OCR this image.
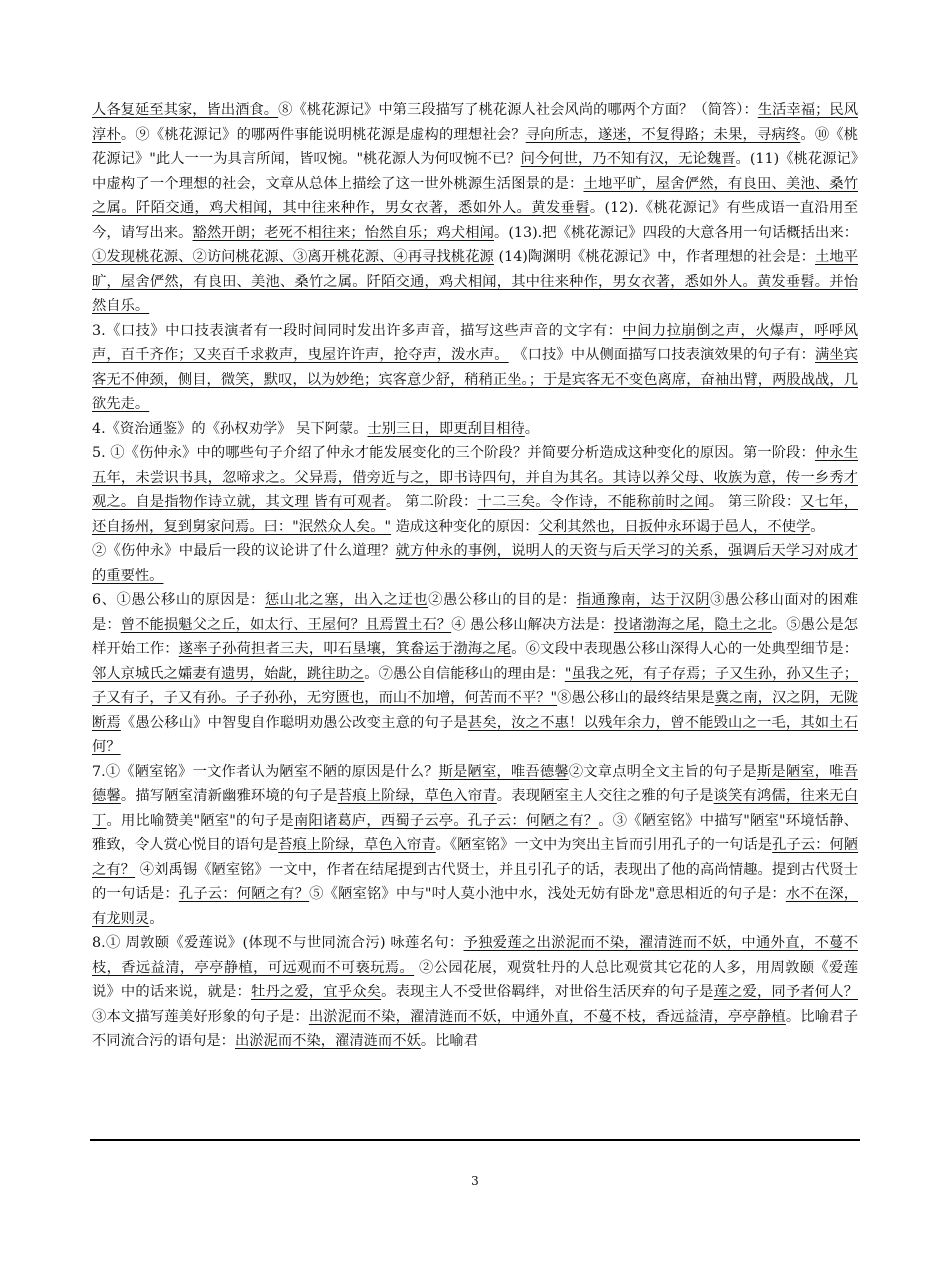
人各复延至其家，皆出酒食。⑧《桃花源记》中第三段描写了桃花源人社会风尚的哪两个方面？（简答）：生活幸福；民风淳朴。⑨《桃花源记》的哪两件事能说明桃花源是虚构的理想社会？寻向所志，遂迷，不复得路；未果，寻病终。⑩《桃花源记》"此人一一为具言所闻，皆叹惋。"桃花源人为何叹惋不已？问今何世，乃不知有汉，无论魏晋。(11)《桃花源记》中虚构了一个理想的社会，文章从总体上描绘了这一世外桃源生活图景的是：土地平旷，屋舍俨然，有良田、美池、桑竹之属。阡陌交通，鸡犬相闻，其中往来种作，男女衣著，悉如外人。黄发垂髫。(12).《桃花源记》有些成语一直沿用至今，请写出来。豁然开朗；老死不相往来；怡然自乐；鸡犬相闻。(13).把《桃花源记》四段的大意各用一句话概括出来：①发现桃花源、②访问桃花源、③离开桃花源、④再寻找桃花源 (14)陶渊明《桃花源记》中，作者理想的社会是：土地平旷，屋舍俨然，有良田、美池、桑竹之属。阡陌交通，鸡犬相闻，其中往来种作，男女衣著，悉如外人。黄发垂髫。并怡然自乐。

3.《口技》中口技表演者有一段时间同时发出许多声音，描写这些声音的文字有：中间力拉崩倒之声，火爆声，呼呼风声，百千齐作；又夹百千求救声，曳屋许许声，抢夺声，泼水声。 《口技》中从侧面描写口技表演效果的句子有：满坐宾客无不伸颈，侧目，微笑，默叹，以为妙绝；宾客意少舒，稍稍正坐。；于是宾客无不变色离席，奋袖出臂，两股战战，几欲先走。

4.《资治通鉴》的《孙权劝学》 吴下阿蒙。士别三日，即更刮目相待。

5. ①《伤仲永》中的哪些句子介绍了仲永才能发展变化的三个阶段？并简要分析造成这种变化的原因。第一阶段：仲永生五年，未尝识书具，忽啼求之。父异焉，借旁近与之，即书诗四句，并自为其名。其诗以养父母、收族为意，传一乡秀才观之。自是指物作诗立就，其文理 皆有可观者。 第二阶段：十二三矣。令作诗，不能称前时之闻。 第三阶段：又七年，还自扬州，复到舅家问焉。曰："泯然众人矣。" 造成这种变化的原因：父利其然也，日扳仲永环谒于邑人，不使学。

②《伤仲永》中最后一段的议论讲了什么道理？就方仲永的事例，说明人的天资与后天学习的关系，强调后天学习对成才的重要性。

6、①愚公移山的原因是：惩山北之塞，出入之迂也②愚公移山的目的是：指通豫南，达于汉阴③愚公移山面对的困难是：曾不能损魁父之丘，如太行、王屋何？且焉置土石？④ 愚公移山解决方法是：投诸渤海之尾，隐土之北。⑤愚公是怎样开始工作：遂率子孙荷担者三夫，叩石垦壤，箕畚运于渤海之尾。⑥文段中表现愚公移山深得人心的一处典型细节是：邻人京城氏之孀妻有遗男，始龀，跳往助之。⑦愚公自信能移山的理由是："虽我之死，有子存焉；子又生孙，孙又生子；子又有子，子又有孙。子子孙孙，无穷匮也，而山不加增，何苦而不平？"⑧愚公移山的最终结果是冀之南，汉之阴，无陇断焉《愚公移山》中智叟自作聪明劝愚公改变主意的句子是甚矣，汝之不惠！以残年余力，曾不能毁山之一毛，其如土石何？

7.①《陋室铭》一文作者认为陋室不陋的原因是什么？斯是陋室，唯吾德馨②文章点明全文主旨的句子是斯是陋室，唯吾德馨。描写陋室清新幽雅环境的句子是苔痕上阶绿，草色入帘青。表现陋室主人交往之雅的句子是谈笑有鸿儒，往来无白丁。用比喻赞美"陋室"的句子是南阳诸葛庐，西蜀子云亭。孔子云：何陋之有？。③《陋室铭》中描写"陋室"环境恬静、雅致，令人赏心悦目的语句是苔痕上阶绿，草色入帘青。《陋室铭》一文中为突出主旨而引用孔子的一句话是孔子云：何陋之有？ ④刘禹锡《陋室铭》一文中，作者在结尾提到古代贤士，并且引孔子的话，表现出了他的高尚情趣。提到古代贤士的一句话是：孔子云：何陋之有？⑤《陋室铭》中与"吋人莫小池中水，浅处无妨有卧龙"意思相近的句子是：水不在深，有龙则灵。

8.① 周敦颐《爱莲说》(体现不与世同流合污) 咏莲名句：予独爱莲之出淤泥而不染，濯清涟而不妖，中通外直，不蔓不枝，香远益清，亭亭静植，可远观而不可亵玩焉。 ②公园花展，观赏牡丹的人总比观赏其它花的人多，用周敦颐《爱莲说》中的话来说，就是：牡丹之爱，宜乎众矣。表现主人不受世俗羁绊，对世俗生活厌弃的句子是莲之爱，同予者何人？③本文描写莲美好形象的句子是：出淤泥而不染，濯清涟而不妖，中通外直，不蔓不枝，香远益清，亭亭静植。比喻君子不同流合污的语句是：出淤泥而不染，濯清涟而不妖。比喻君

3
